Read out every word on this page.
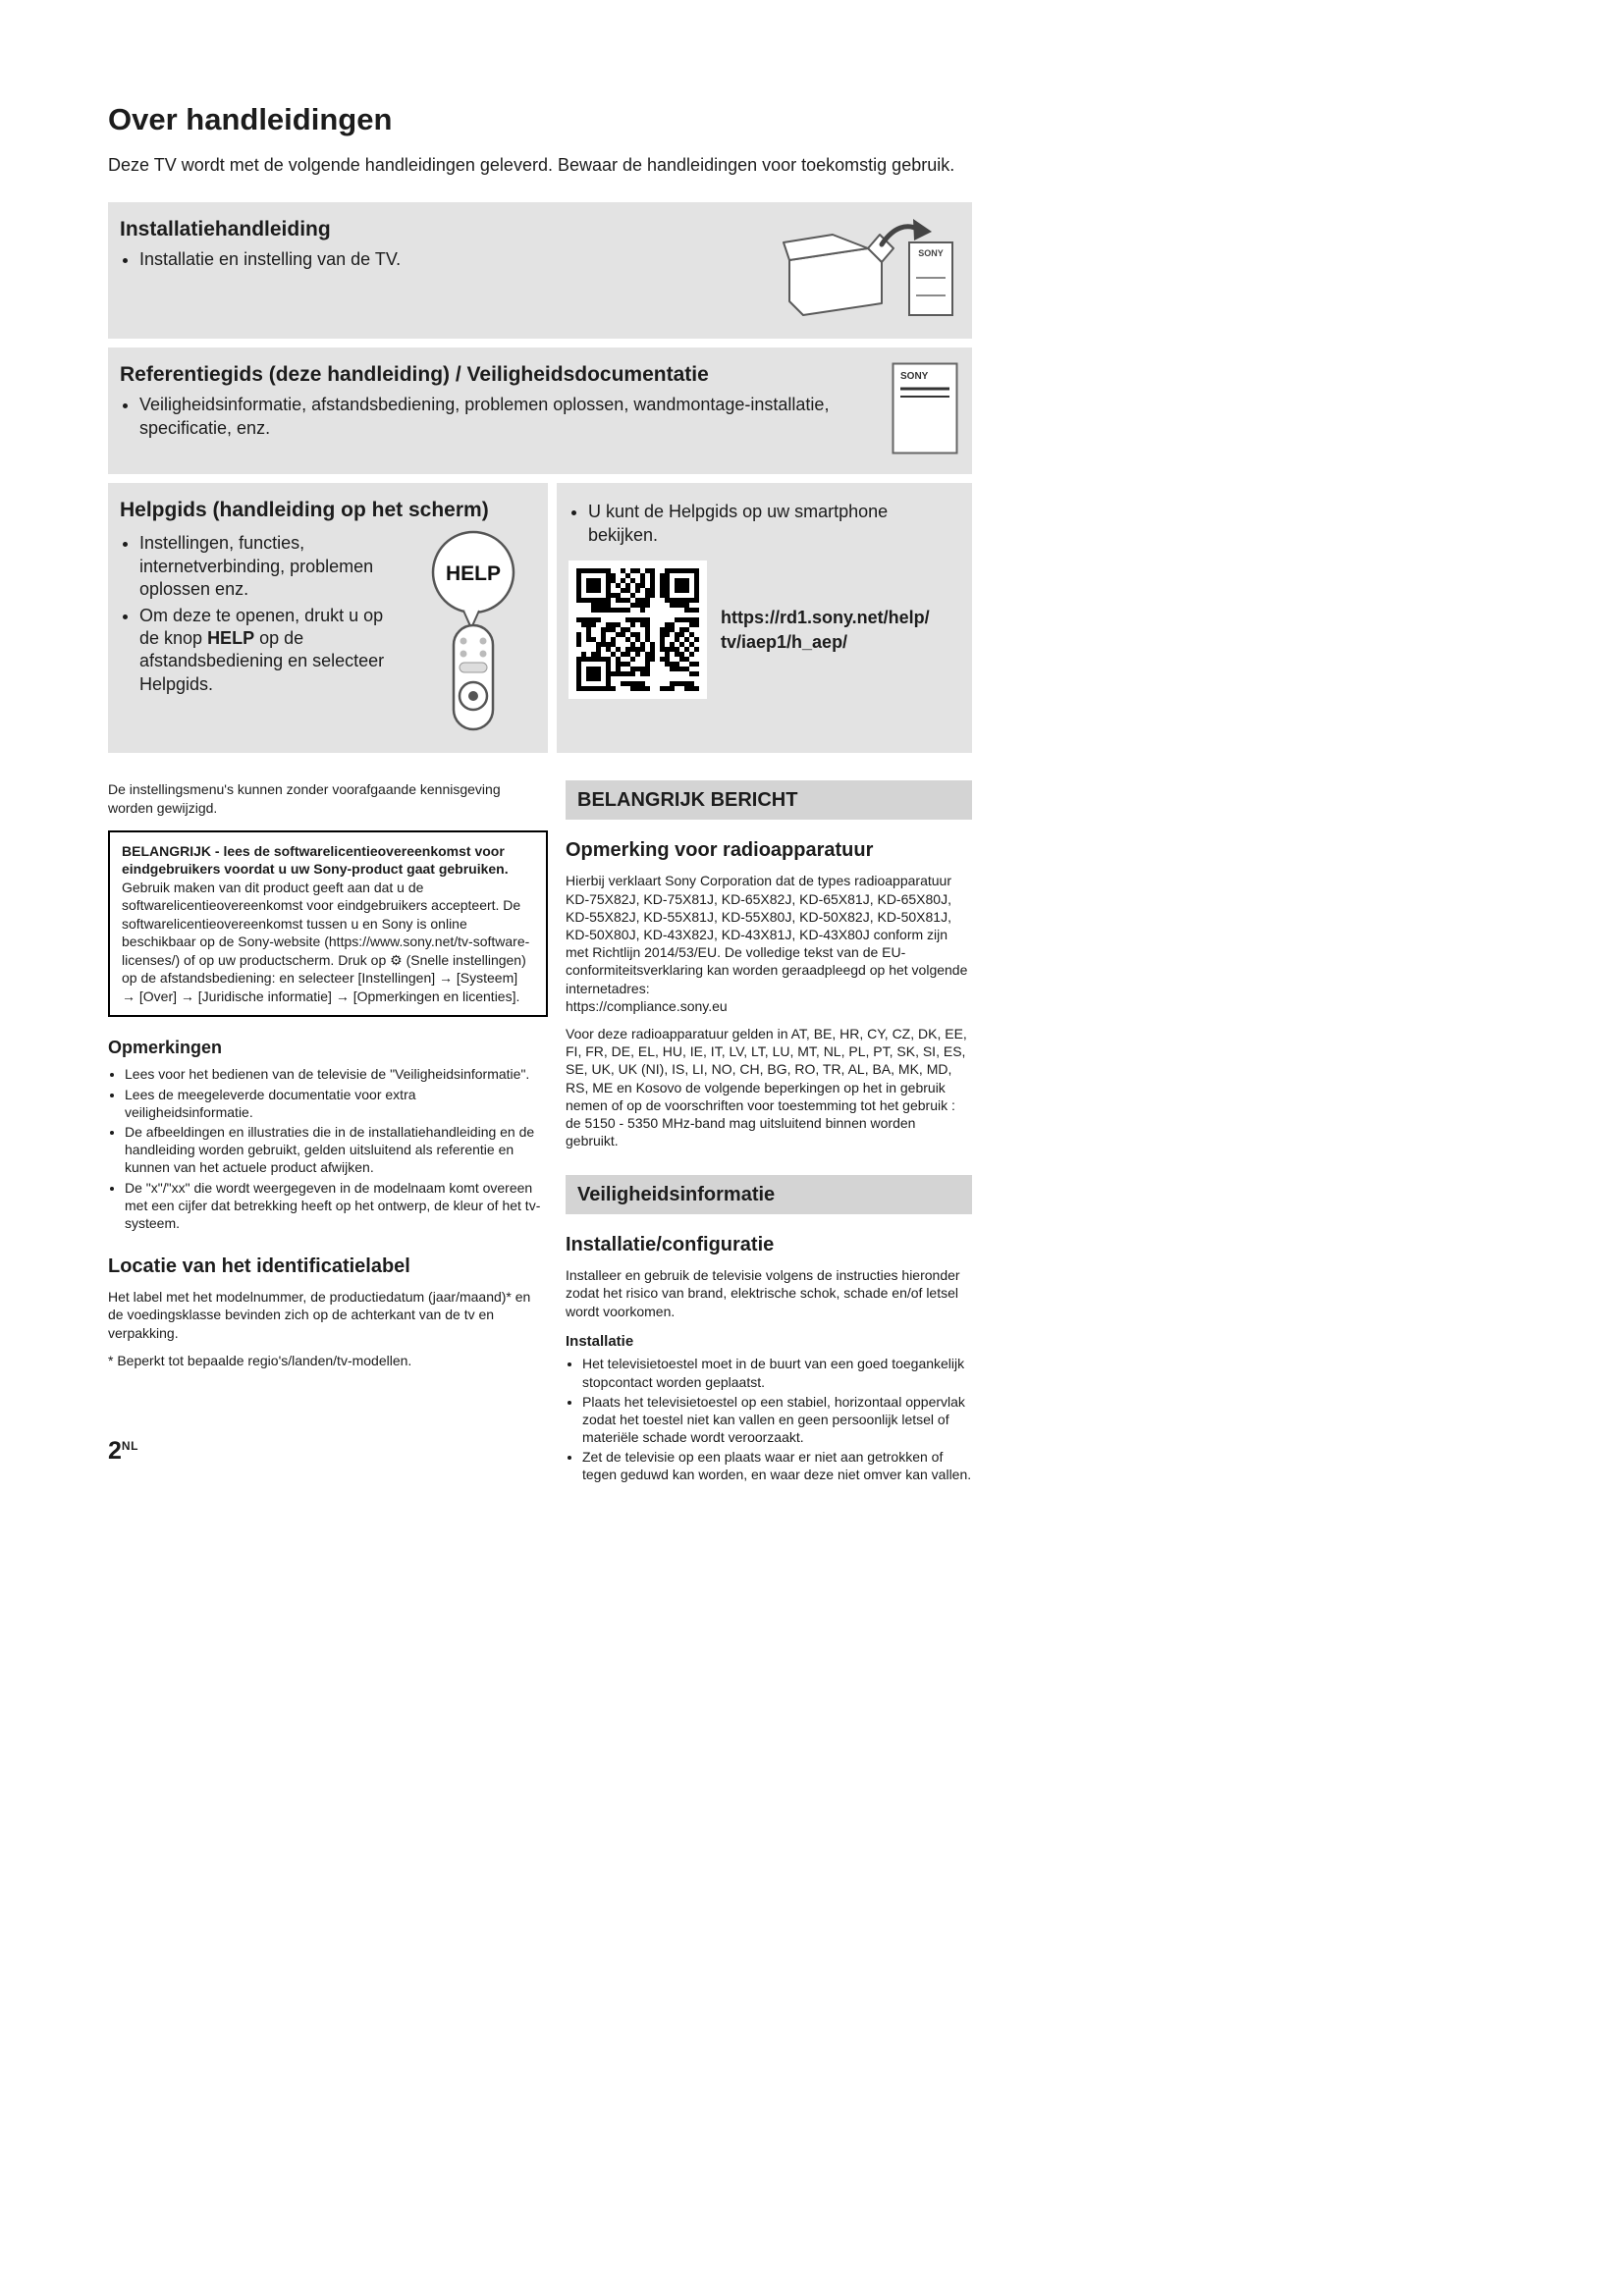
Over handleidingen

Deze TV wordt met de volgende handleidingen geleverd. Bewaar de handleidingen voor toekomstig gebruik.

Installatiehandleiding
• Installatie en instelling van de TV.	SONY
Referentiegids (deze handleiding) / Veiligheidsdocumentatie
• Veiligheidsinformatie, afstandsbediening, problemen oplossen, wandmontage-installatie, specificatie, enz.
SONY
Helpgids (handleiding op het scherm)
• Instellingen, functies, internetverbinding, problemen oplossen enz.
• Om deze te openen, drukt u op de knop HELP op de afstandsbediening en selecteer Helpgids.
HELP
• U kunt de Helpgids op uw smartphone bekijken.
https://rd1.sony.net/help/
tv/iaep1/h_aep/

De instellingsmenu's kunnen zonder voorafgaande kennisgeving worden gewijzigd.

BELANGRIJK - lees de softwarelicentieovereenkomst voor eindgebruikers voordat u uw Sony-product gaat gebruiken. Gebruik maken van dit product geeft aan dat u de softwarelicentieovereenkomst voor eindgebruikers accepteert. De softwarelicentieovereenkomst tussen u en Sony is online beschikbaar op de Sony-website (https://www.sony.net/tv-software-licenses/) of op uw productscherm. Druk op ⚙ (Snelle instellingen) op de afstandsbediening: en selecteer [Instellingen] → [Systeem] → [Over] → [Juridische informatie] → [Opmerkingen en licenties].
Opmerkingen
• Lees voor het bedienen van de televisie de "Veiligheidsinformatie".
• Lees de meegeleverde documentatie voor extra veiligheidsinformatie.
• De afbeeldingen en illustraties die in de installatiehandleiding en de handleiding worden gebruikt, gelden uitsluitend als referentie en kunnen van het actuele product afwijken.
• De "x"/"xx" die wordt weergegeven in de modelnaam komt overeen met een cijfer dat betrekking heeft op het ontwerp, de kleur of het tv-systeem.
Locatie van het identificatielabel

Het label met het modelnummer, de productiedatum (jaar/maand)* en de voedingsklasse bevinden zich op de achterkant van de tv en verpakking.

* Beperkt tot bepaalde regio's/landen/tv-modellen.

BELANGRIJK BERICHT
Opmerking voor radioapparatuur

Hierbij verklaart Sony Corporation dat de types radioapparatuur KD-75X82J, KD-75X81J, KD-65X82J, KD-65X81J, KD-65X80J, KD-55X82J, KD-55X81J, KD-55X80J, KD-50X82J, KD-50X81J, KD-50X80J, KD-43X82J, KD-43X81J, KD-43X80J conform zijn met Richtlijn 2014/53/EU. De volledige tekst van de EU-conformiteitsverklaring kan worden geraadpleegd op het volgende internetadres:

https://compliance.sony.eu

Voor deze radioapparatuur gelden in AT, BE, HR, CY, CZ, DK, EE, FI, FR, DE, EL, HU, IE, IT, LV, LT, LU, MT, NL, PL, PT, SK, SI, ES, SE, UK, UK (NI), IS, LI, NO, CH, BG, RO, TR, AL, BA, MK, MD, RS, ME en Kosovo de volgende beperkingen op het in gebruik nemen of op de voorschriften voor toestemming tot het gebruik : de 5150 - 5350 MHz-band mag uitsluitend binnen worden gebruikt.

Veiligheidsinformatie
Installatie/configuratie

Installeer en gebruik de televisie volgens de instructies hieronder zodat het risico van brand, elektrische schok, schade en/of letsel wordt voorkomen.

Installatie
• Het televisietoestel moet in de buurt van een goed toegankelijk stopcontact worden geplaatst.
• Plaats het televisietoestel op een stabiel, horizontaal oppervlak zodat het toestel niet kan vallen en geen persoonlijk letsel of materiële schade wordt veroorzaakt.
• Zet de televisie op een plaats waar er niet aan getrokken of tegen geduwd kan worden, en waar deze niet omver kan vallen.
$2^{NL}$
